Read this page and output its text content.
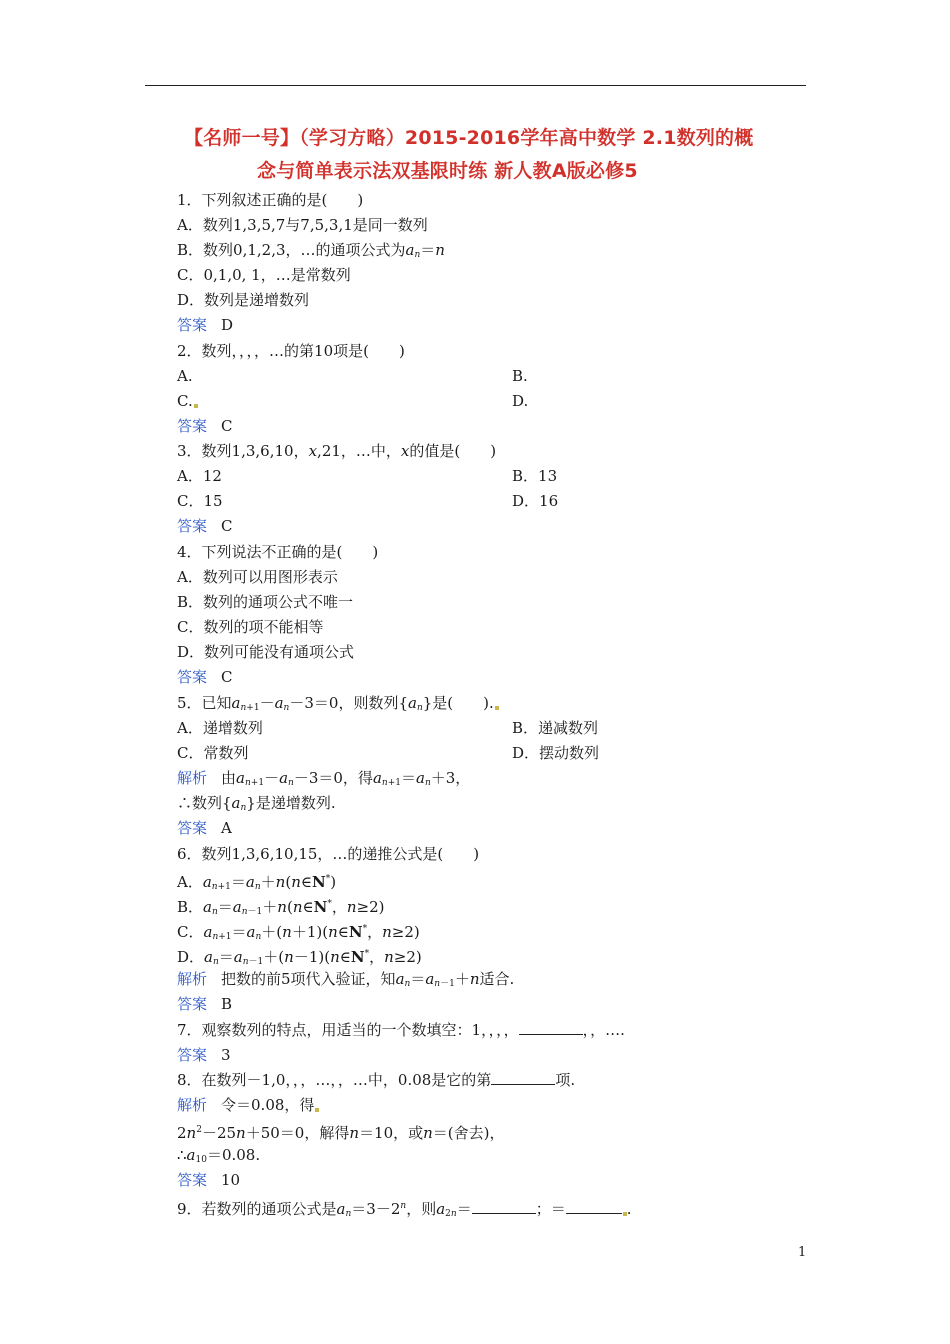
【名师一号】（学习方略）2015-2016学年高中数学 2.1数列的概
念与简单表示法双基限时练 新人教A版必修5
1．下列叙述正确的是(　　)
A．数列1,3,5,7与7,5,3,1是同一数列
B．数列0,1,2,3，…的通项公式为$a_n=n$
C．0,1,0, 1，…是常数列
D．数列是递增数列
答案 D
2．数列，，，，…的第10项是(　　)
A.	B.
C.	D.
答案 C
3．数列1,3,6,10，x,21，…中，x的值是(　　)
A．12	B．13
C．15	D．16
答案 C
4．下列说法不正确的是(　　)
A．数列可以用图形表示
B．数列的通项公式不唯一
C．数列的项不能相等
D．数列可能没有通项公式
答案 C
5．已知$a_{n+1}-a_n-3=0$，则数列$\{a_n\}$是(　　).
A．递增数列	B．递减数列
C．常数列	D．摆动数列
解析 由$a_{n+1}-a_n-3=0$，得$a_{n+1}=a_n+3$，
∴数列$\{a_n\}$是递增数列.
答案 A
6．数列1,3,6,10,15，…的递推公式是(　　)
A．$a_{n+1}=a_n+n(n\in N^*)$
B．$a_n=a_{n-1}+n(n\in N^*$，n≥2)
C．$a_{n+1}=a_n+(n+1)(n\in N^*$，n≥2)
D．$a_n=a_{n-1}+(n-1)(n\in N^*$，n≥2)
解析 把数的前5项代入验证，知$a_n=a_{n-1}+n$适合.
答案 B
7．观察数列的特点，用适当的一个数填空：1，，，，	，，….
答案 3
8．在数列－1,0，，，…，，…中，0.08是它的第	项.
解析 令＝0.08，得
$2n^2-25n+50=0$，解得n＝10，或n＝(舍去)，
$\therefore a_{10}=0.08$.
答案 10
9．若数列的通项公式是$a_n=3-2^n$，则$a_{2n}=$	；＝	.
1
